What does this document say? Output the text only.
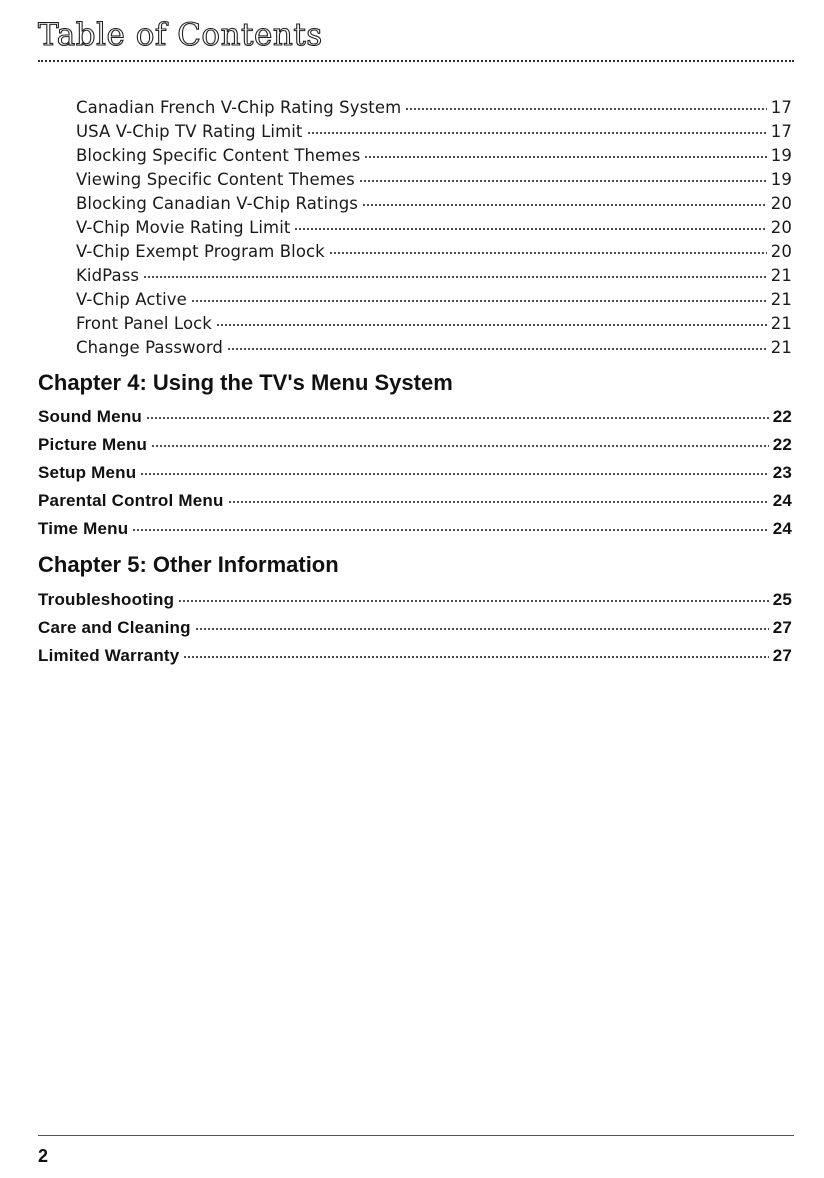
Table of Contents
Canadian French V-Chip Rating System	17
USA V-Chip TV Rating Limit	17
Blocking Specific Content Themes	19
Viewing Specific Content Themes	19
Blocking Canadian V-Chip Ratings	20
V-Chip Movie Rating Limit	20
V-Chip Exempt Program Block	20
KidPass	21
V-Chip Active	21
Front Panel Lock	21
Change Password	21
Chapter 4: Using the TV's Menu System
Sound Menu	22
Picture Menu	22
Setup Menu	23
Parental Control Menu	24
Time Menu	24
Chapter 5: Other Information
Troubleshooting	25
Care and Cleaning	27
Limited Warranty	27
2
